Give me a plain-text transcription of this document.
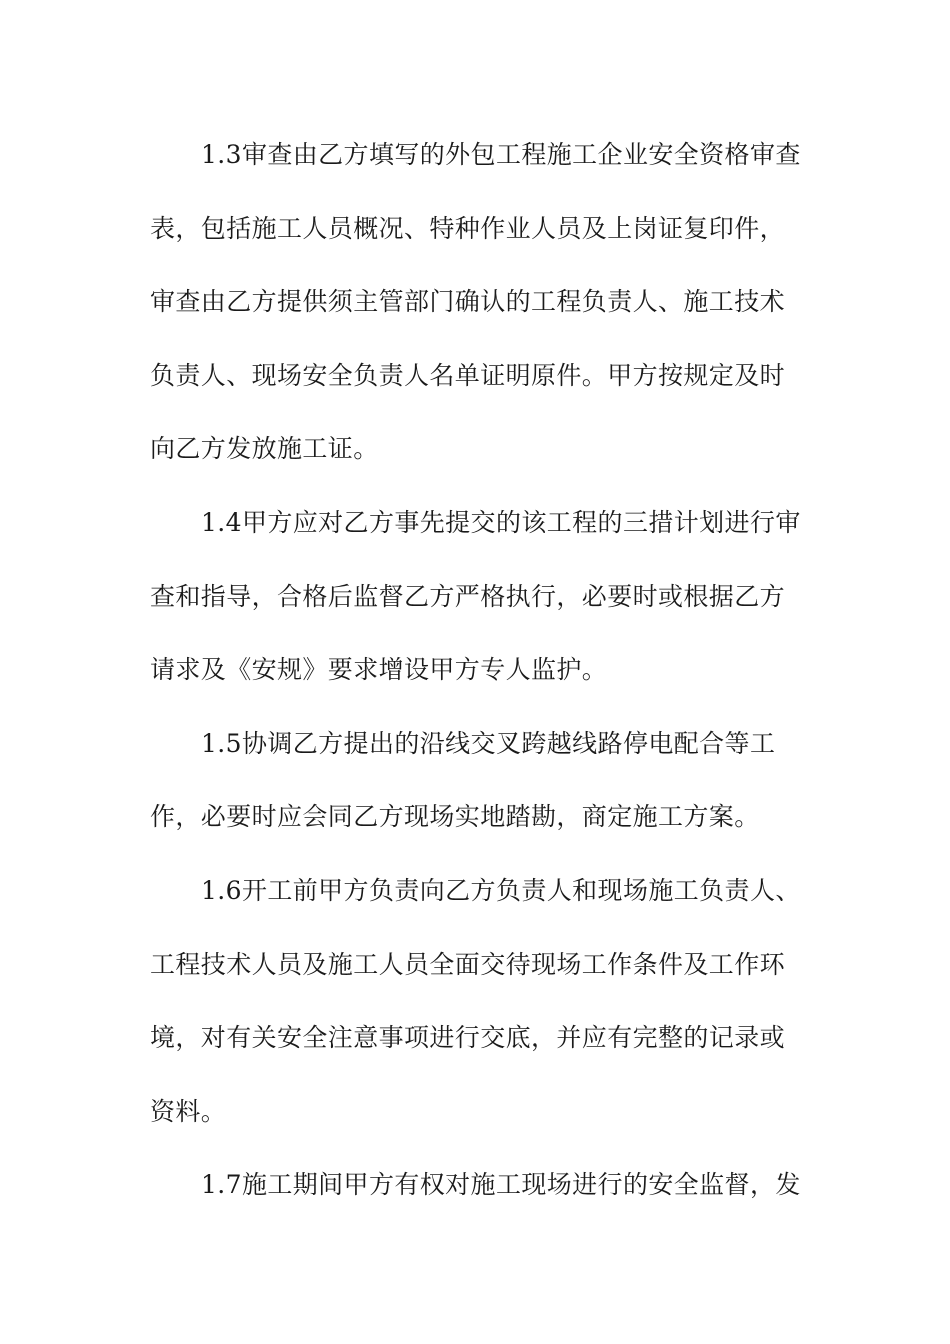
1.3审查由乙方填写的外包工程施工企业安全资格审查
表，包括施工人员概况、特种作业人员及上岗证复印件，
审查由乙方提供须主管部门确认的工程负责人、施工技术
负责人、现场安全负责人名单证明原件。甲方按规定及时
向乙方发放施工证。
1.4甲方应对乙方事先提交的该工程的三措计划进行审
查和指导，合格后监督乙方严格执行，必要时或根据乙方
请求及《安规》要求增设甲方专人监护。
1.5协调乙方提出的沿线交叉跨越线路停电配合等工
作，必要时应会同乙方现场实地踏勘，商定施工方案。
1.6开工前甲方负责向乙方负责人和现场施工负责人、
工程技术人员及施工人员全面交待现场工作条件及工作环
境，对有关安全注意事项进行交底，并应有完整的记录或
资料。
1.7施工期间甲方有权对施工现场进行的安全监督，发
